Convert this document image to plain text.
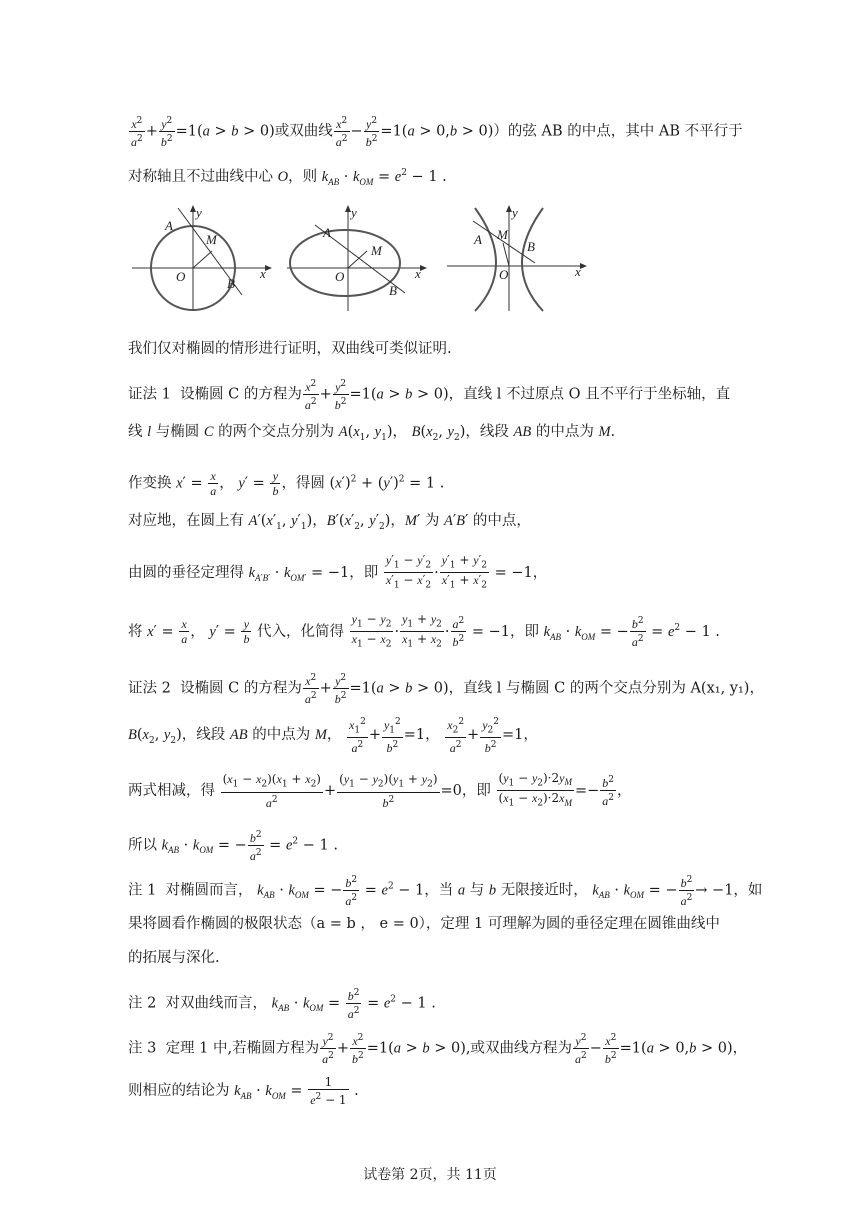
$\frac{x^2}{a^2} + \frac{y^2}{b^2} =1(a > b > 0)$或双曲线 $\frac{x^2}{a^2} - \frac{y^2}{b^2} =1(a > 0,b > 0)$）的弦 AB 的中点，其中 AB 不平行于
对称轴且不过曲线中心 O，则 $k_{AB} \cdot k_{OM} = e^2 - 1$ .
y
x
O
A
B
M
y
x
O
A
B
M
y
x
O
A	B
M
我们仅对椭圆的情形进行证明，双曲线可类似证明.
证法 1 设椭圆 C 的方程为 $\frac{x^2}{a^2} + \frac{y^2}{b^2} =1(a > b > 0)$，直线 l 不过原点 O 且不平行于坐标轴，直
线 l 与椭圆 C 的两个交点分别为 $A(x_1$, $y_1$)， $B(x_2$, $y_2$)，线段 AB 的中点为 M.
作变换 $x' = \frac{x}{a}$ ， $y' = \frac{y}{b}$ ，得圆 $(x')^2 + (y')^2 = 1$ .
对应地，在圆上有 $A'(x'_1$, $y'_1$)，$B'(x'_2$, $y'_2$)，M′ 为 A′B′ 的中点，
由圆的垂径定理得 $k_{A'B'} \cdot k_{OM'} = -1$，即 $\frac{y'_1 - y'_2}{x'_1 - x'_2} \cdot \frac{y'_1 + y'_2}{x'_1 + x'_2} = -1$，
将 $x' = \frac{x}{a}$ ， $y' = \frac{y}{b}$ 代入，化简得 $\frac{y_1 - y_2}{x_1 - x_2} \cdot \frac{y_1 + y_2}{x_1 + x_2} \cdot \frac{a^2}{b^2} = -1$，即 $k_{AB} \cdot k_{OM}$ = − $\frac{b^2}{a^2} = e^2 - 1$ .
证法 2 设椭圆 C 的方程为 $\frac{x^2}{a^2} + \frac{y^2}{b^2} =1(a > b > 0)$，直线 l 与椭圆 C 的两个交点分别为 A(x₁, y₁)，
$B(x_2$, $y_2$)，线段 AB 的中点为 M， $\frac{x_1^2}{a^2} + \frac{y_1^2}{b^2} =1$， $\frac{x_2^2}{a^2} + \frac{y_2^2}{b^2} =1$，
两式相减，得 $\frac{(x_1 - x_2)(x_1 + x_2)}{a^2} + \frac{(y_1 - y_2)(y_1 + y_2)}{b^2} =0$，即 $\frac{(y_1 - y_2)\cdot 2y_M}{(x_1 - x_2)\cdot 2x_M} =- \frac{b^2}{a^2}$ ，
所以 $k_{AB} \cdot k_{OM}$ = − $\frac{b^2}{a^2} = e^2 - 1$ .
注 1  对椭圆而言， $k_{AB} \cdot k_{OM}$ = − $\frac{b^2}{a^2} = e^2 - 1$，当 a 与 b 无限接近时， $k_{AB} \cdot k_{OM}$ = − $\frac{b^2}{a^2} \to -1$，如
果将圆看作椭圆的极限状态（a = b ， e = 0），定理 1 可理解为圆的垂径定理在圆锥曲线中
的拓展与深化.
注 2  对双曲线而言， $k_{AB} \cdot k_{OM} = \frac{b^2}{a^2} = e^2 - 1$ .
注 3 定理 1 中,若椭圆方程为 $\frac{y^2}{a^2} + \frac{x^2}{b^2} =1(a > b > 0)$,或双曲线方程为 $\frac{y^2}{a^2} - \frac{x^2}{b^2} =1(a > 0,b > 0)$，
则相应的结论为 $k_{AB} \cdot k_{OM} = \frac{1}{e^2 - 1}$ .
试卷第 2页，共 11页
